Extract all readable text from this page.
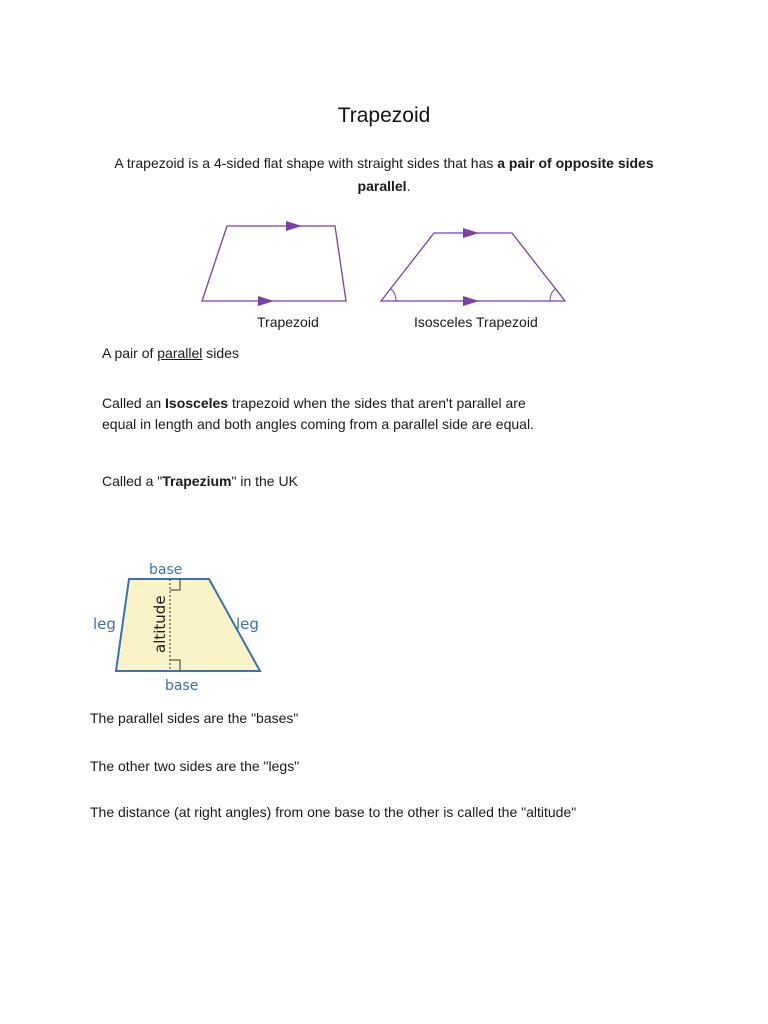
Trapezoid
A trapezoid is a 4-sided flat shape with straight sides that has a pair of opposite sides parallel.
Trapezoid	Isosceles Trapezoid
A pair of parallel sides
Called an Isosceles trapezoid when the sides that aren't parallel are
equal in length and both angles coming from a parallel side are equal.
Called a "Trapezium" in the UK
base
base
leg	leg
altitude
The parallel sides are the "bases"
The other two sides are the "legs"
The distance (at right angles) from one base to the other is called the "altitude"
